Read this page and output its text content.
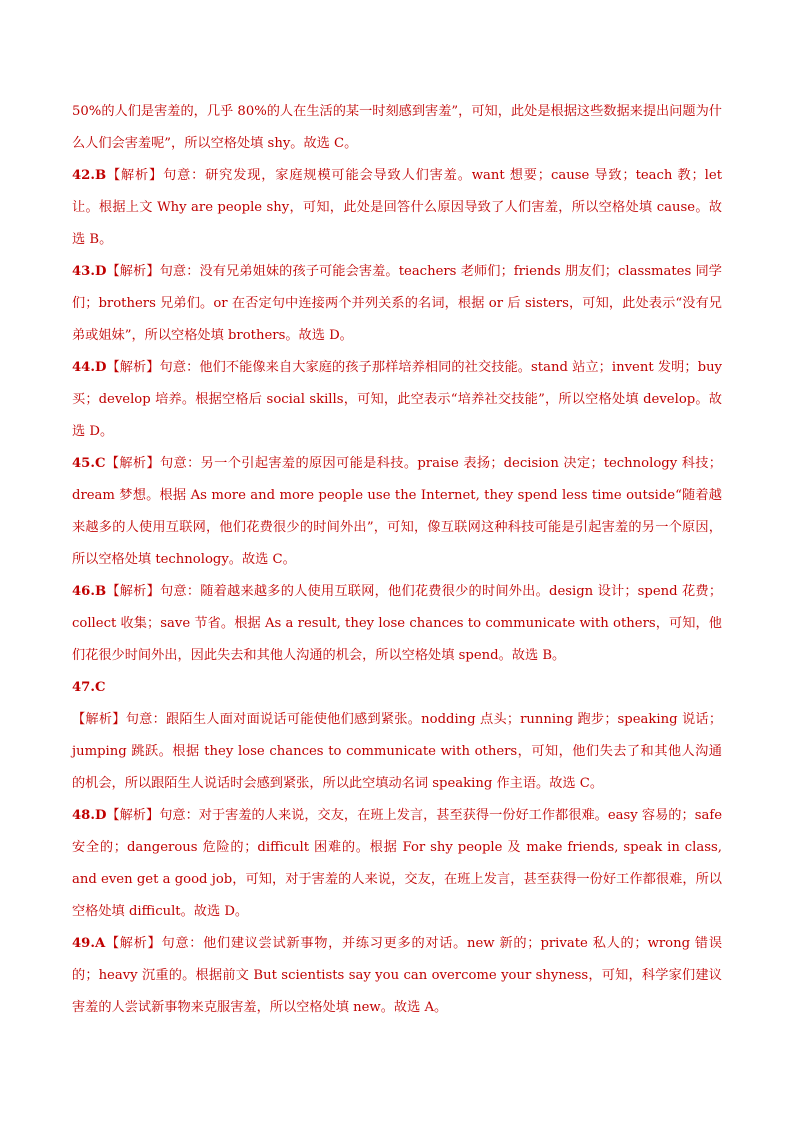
50%的人们是害羞的，几乎 80%的人在生活的某一时刻感到害羞”，可知，此处是根据这些数据来提出问题为什么人们会害羞呢”，所以空格处填 shy。故选 C。

42.B【解析】句意：研究发现，家庭规模可能会导致人们害羞。want 想要；cause 导致；teach 教；let 让。根据上文 Why are people shy，可知，此处是回答什么原因导致了人们害羞，所以空格处填 cause。故选 B。

43.D【解析】句意：没有兄弟姐妹的孩子可能会害羞。teachers 老师们；friends 朋友们；classmates 同学们；brothers 兄弟们。or 在否定句中连接两个并列关系的名词，根据 or 后 sisters，可知，此处表示“没有兄弟或姐妹”，所以空格处填 brothers。故选 D。

44.D【解析】句意：他们不能像来自大家庭的孩子那样培养相同的社交技能。stand 站立；invent 发明；buy 买；develop 培养。根据空格后 social skills，可知，此空表示“培养社交技能”，所以空格处填 develop。故选 D。

45.C【解析】句意：另一个引起害羞的原因可能是科技。praise 表扬；decision 决定；technology 科技；dream 梦想。根据 As more and more people use the Internet, they spend less time outside“随着越来越多的人使用互联网，他们花费很少的时间外出”，可知，像互联网这种科技可能是引起害羞的另一个原因，所以空格处填 technology。故选 C。

46.B【解析】句意：随着越来越多的人使用互联网，他们花费很少的时间外出。design 设计；spend 花费；collect 收集；save 节省。根据 As a result, they lose chances to communicate with others，可知，他们花很少时间外出，因此失去和其他人沟通的机会，所以空格处填 spend。故选 B。

47.C

【解析】句意：跟陌生人面对面说话可能使他们感到紧张。nodding 点头；running 跑步；speaking 说话；jumping 跳跃。根据 they lose chances to communicate with others，可知，他们失去了和其他人沟通的机会，所以跟陌生人说话时会感到紧张，所以此空填动名词 speaking 作主语。故选 C。

48.D【解析】句意：对于害羞的人来说，交友，在班上发言，甚至获得一份好工作都很难。easy 容易的；safe 安全的；dangerous 危险的；difficult 困难的。根据 For shy people 及 make friends, speak in class, and even get a good job，可知，对于害羞的人来说，交友，在班上发言，甚至获得一份好工作都很难，所以空格处填 difficult。故选 D。

49.A【解析】句意：他们建议尝试新事物，并练习更多的对话。new 新的；private 私人的；wrong 错误的；heavy 沉重的。根据前文 But scientists say you can overcome your shyness，可知，科学家们建议害羞的人尝试新事物来克服害羞，所以空格处填 new。故选 A。
